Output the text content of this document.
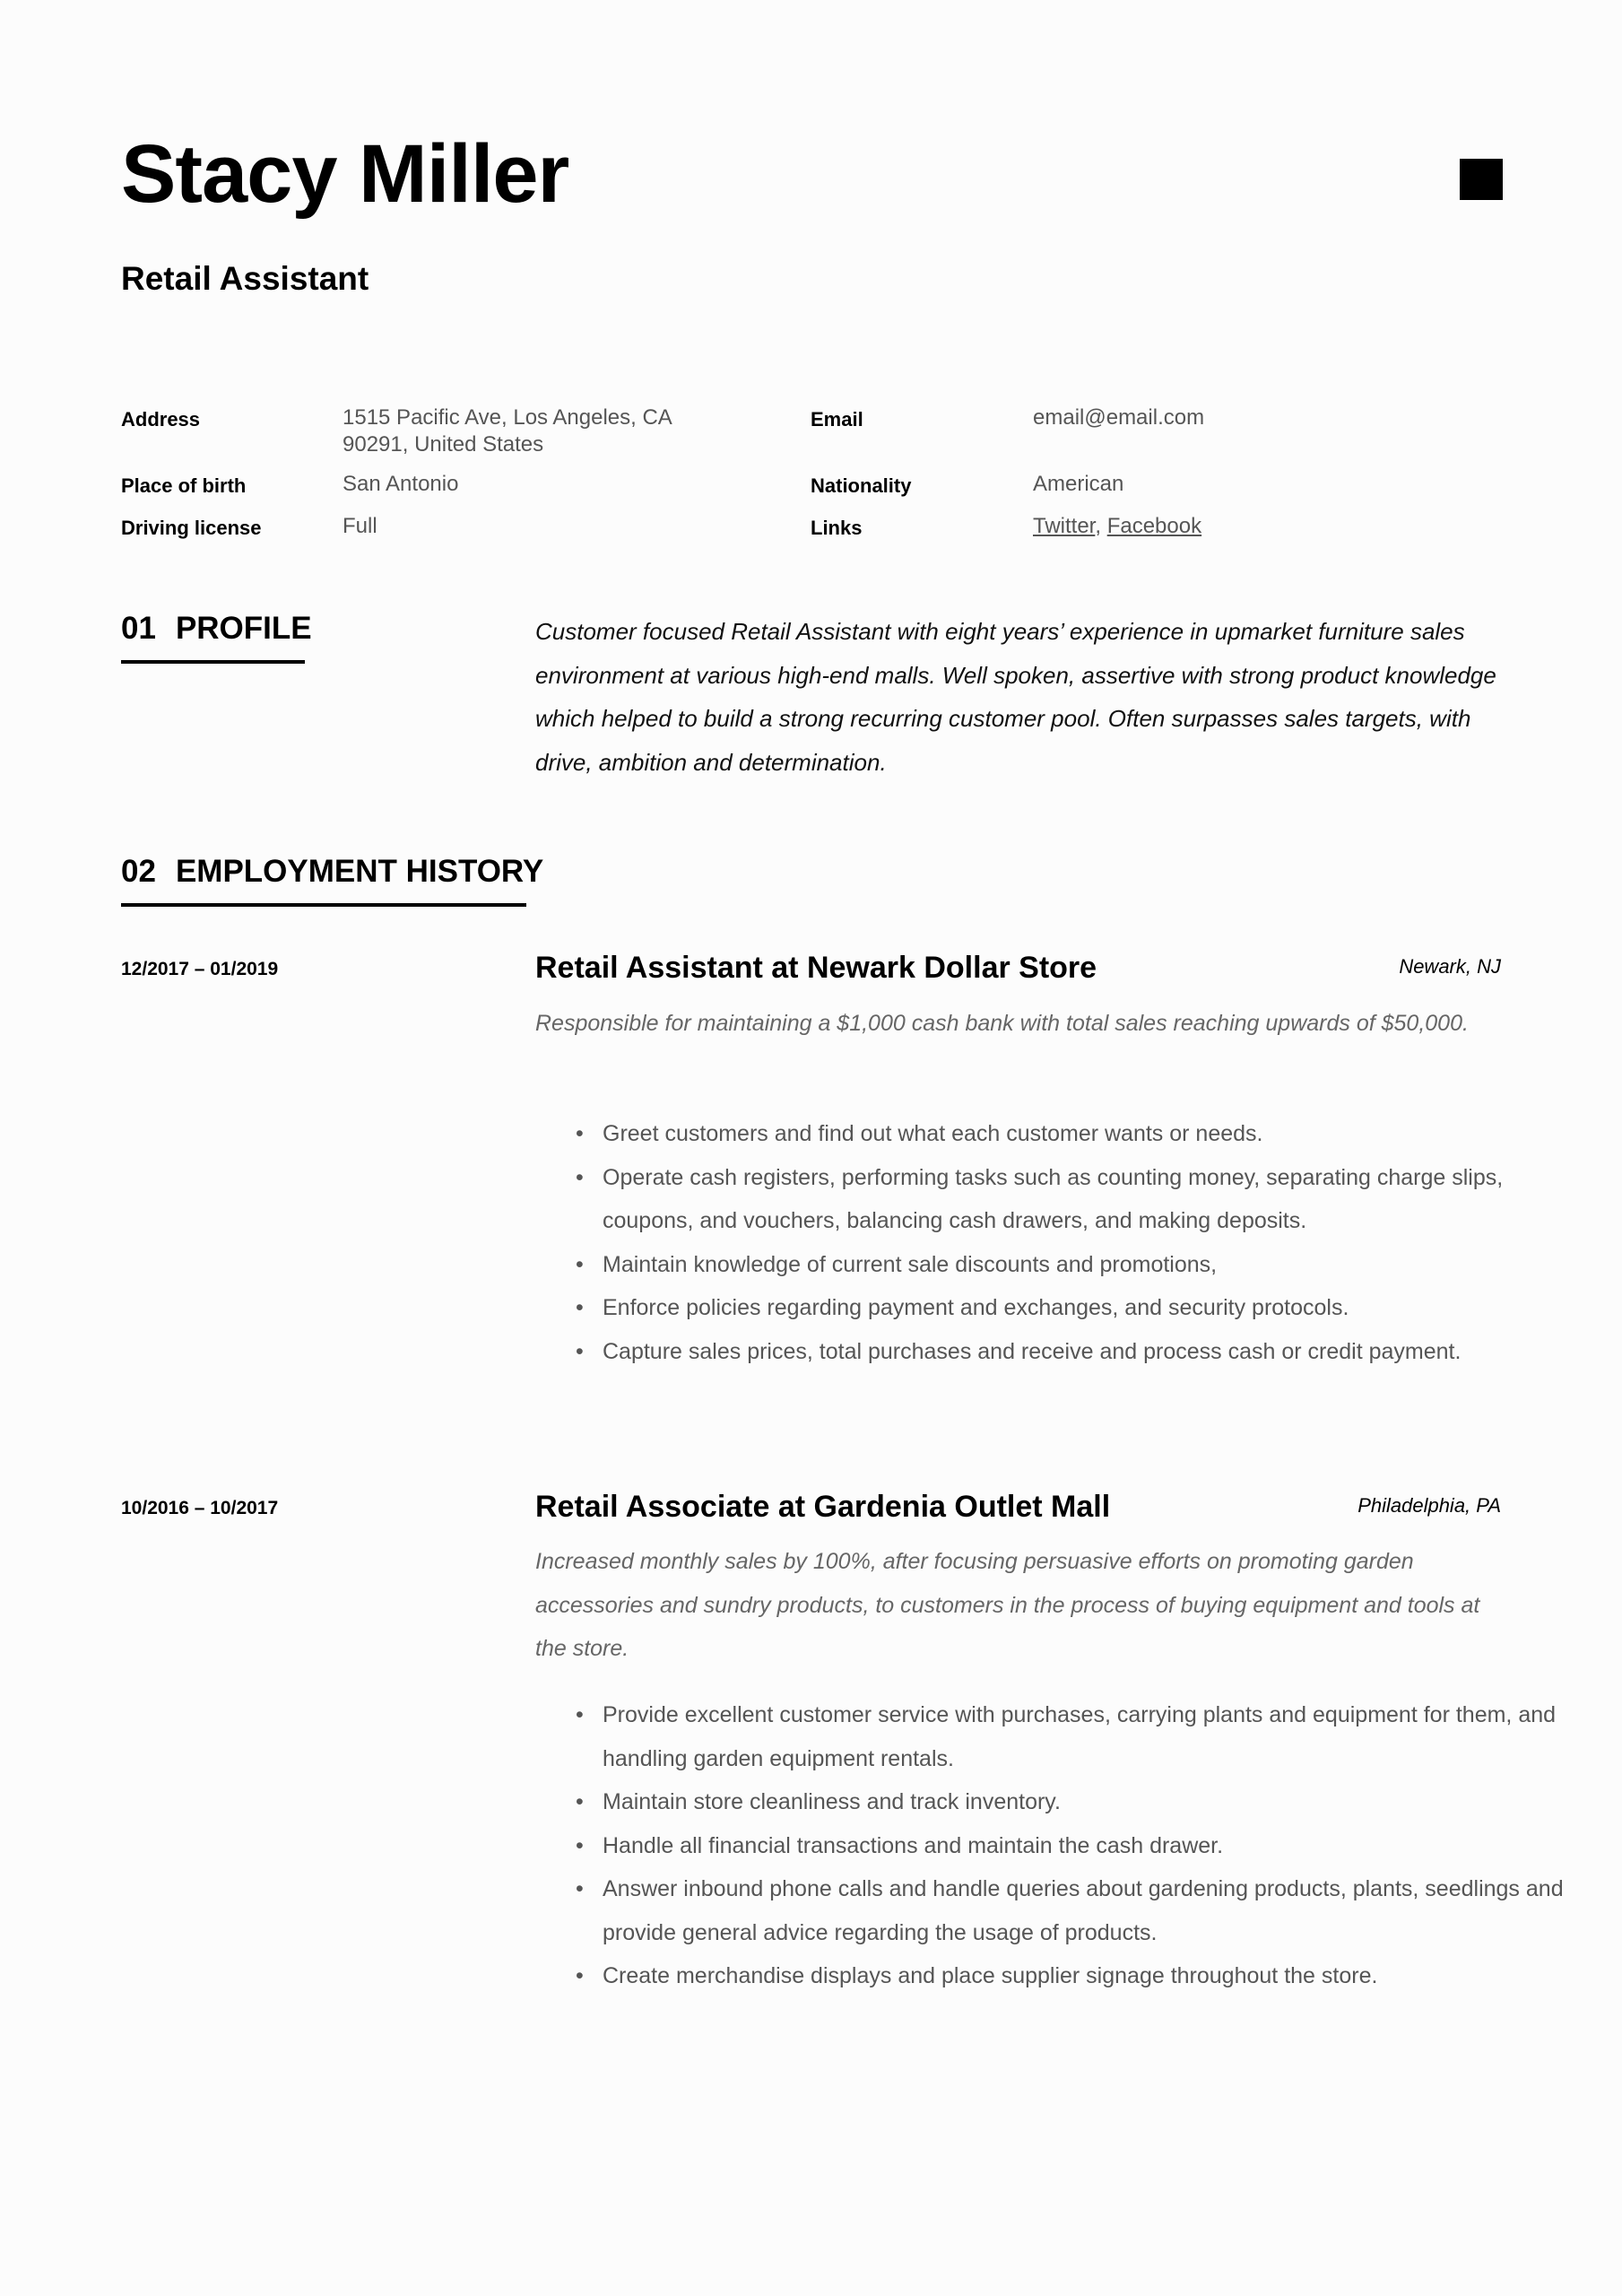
Stacy Miller
Retail Assistant
Address	1515 Pacific Ave, Los Angeles, CA
90291, United States
Email	email@email.com
Place of birth	San Antonio	Nationality	American
Driving license	Full	Links	Twitter, Facebook
01 PROFILE	Customer focused Retail Assistant with eight years’ experience in upmarket furniture sales environment at various high-end malls. Well spoken, assertive with strong product knowledge which helped to build a strong recurring customer pool. Often surpasses sales targets, with drive, ambition and determination.
02 EMPLOYMENT HISTORY
12/2017 – 01/2019	Retail Assistant at Newark Dollar Store	Newark, NJ
Responsible for maintaining a $1,000 cash bank with total sales reaching upwards of $50,000.
• Greet customers and find out what each customer wants or needs.
• Operate cash registers, performing tasks such as counting money, separating charge slips, coupons, and vouchers, balancing cash drawers, and making deposits.
• Maintain knowledge of current sale discounts and promotions,
• Enforce policies regarding payment and exchanges, and security protocols.
• Capture sales prices, total purchases and receive and process cash or credit payment.
10/2016 – 10/2017	Retail Associate at Gardenia Outlet Mall	Philadelphia, PA
Increased monthly sales by 100%, after focusing persuasive efforts on promoting garden accessories and sundry products, to customers in the process of buying equipment and tools at the store.
• Provide excellent customer service with purchases, carrying plants and equipment for them, and handling garden equipment rentals.
• Maintain store cleanliness and track inventory.
• Handle all financial transactions and maintain the cash drawer.
• Answer inbound phone calls and handle queries about gardening products, plants, seedlings and provide general advice regarding the usage of products.
• Create merchandise displays and place supplier signage throughout the store.
